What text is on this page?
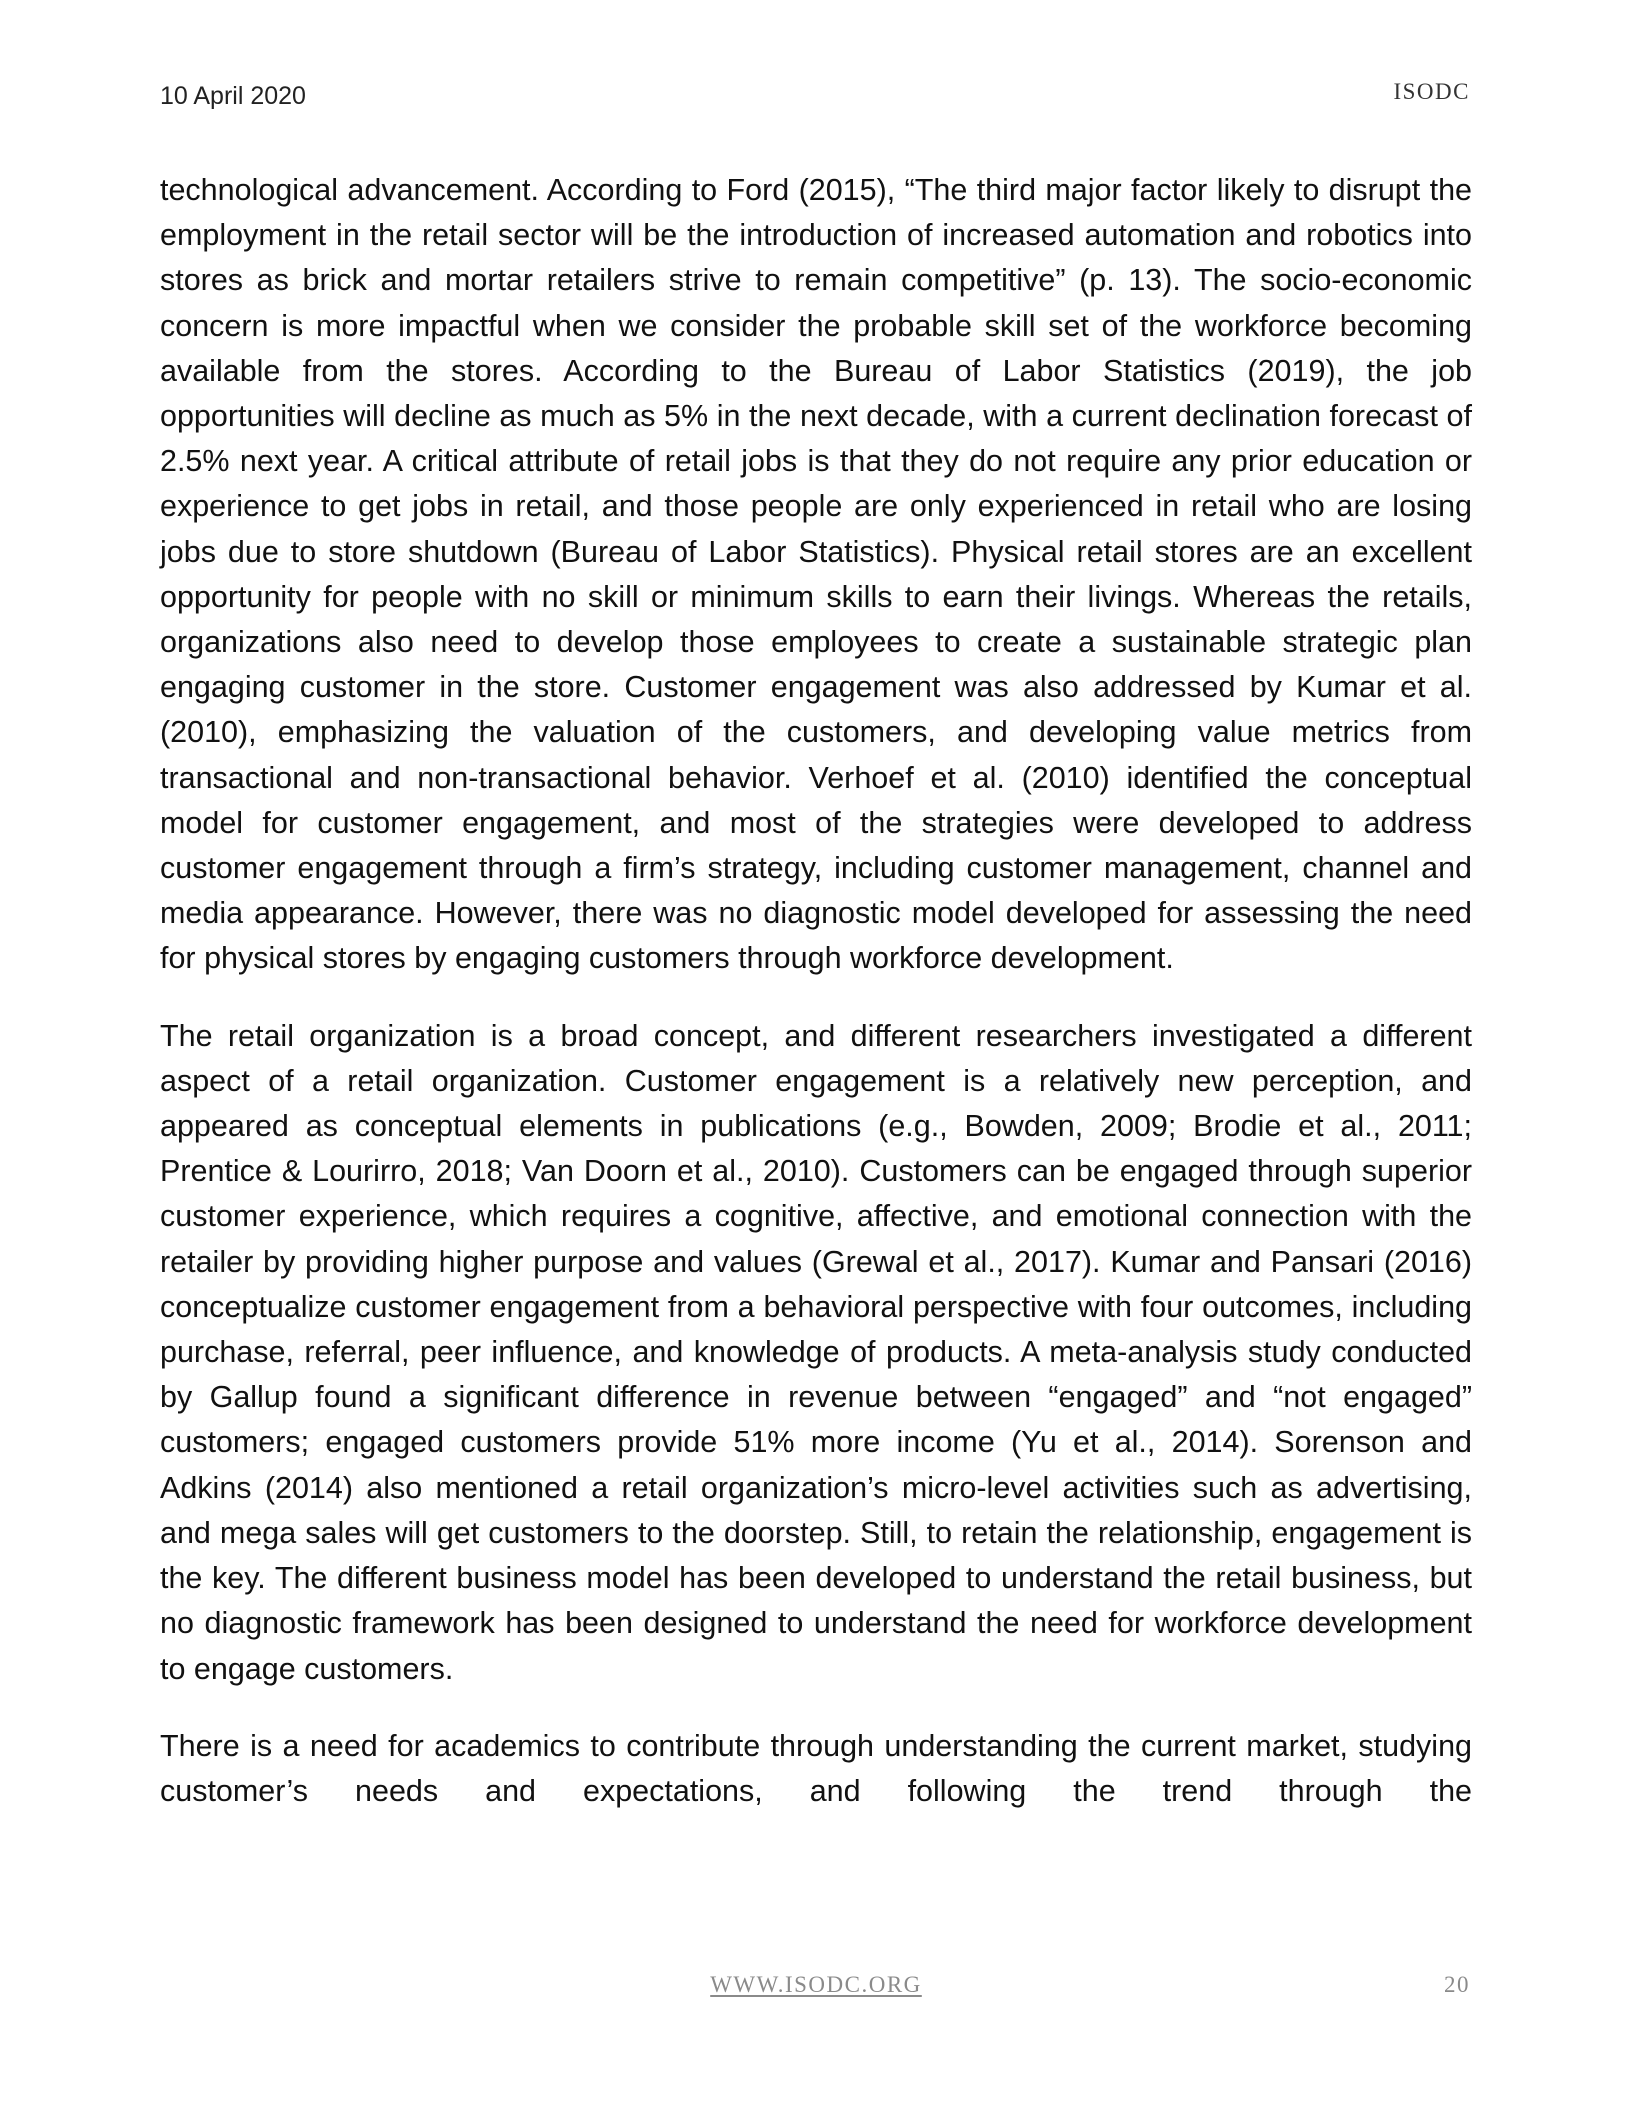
10 April 2020	ISODC

technological advancement. According to Ford (2015), “The third major factor likely to disrupt the employment in the retail sector will be the introduction of increased automation and robotics into stores as brick and mortar retailers strive to remain competitive” (p. 13). The socio-economic concern is more impactful when we consider the probable skill set of the workforce becoming available from the stores. According to the Bureau of Labor Statistics (2019), the job opportunities will decline as much as 5% in the next decade, with a current declination forecast of 2.5% next year. A critical attribute of retail jobs is that they do not require any prior education or experience to get jobs in retail, and those people are only experienced in retail who are losing jobs due to store shutdown (Bureau of Labor Statistics). Physical retail stores are an excellent opportunity for people with no skill or minimum skills to earn their livings. Whereas the retails, organizations also need to develop those employees to create a sustainable strategic plan engaging customer in the store. Customer engagement was also addressed by Kumar et al. (2010), emphasizing the valuation of the customers, and developing value metrics from transactional and non-transactional behavior. Verhoef et al. (2010) identified the conceptual model for customer engagement, and most of the strategies were developed to address customer engagement through a firm’s strategy, including customer management, channel and media appearance. However, there was no diagnostic model developed for assessing the need for physical stores by engaging customers through workforce development.

The retail organization is a broad concept, and different researchers investigated a different aspect of a retail organization. Customer engagement is a relatively new perception, and appeared as conceptual elements in publications (e.g., Bowden, 2009; Brodie et al., 2011; Prentice & Lourirro, 2018; Van Doorn et al., 2010). Customers can be engaged through superior customer experience, which requires a cognitive, affective, and emotional connection with the retailer by providing higher purpose and values (Grewal et al., 2017). Kumar and Pansari (2016) conceptualize customer engagement from a behavioral perspective with four outcomes, including purchase, referral, peer influence, and knowledge of products. A meta-analysis study conducted by Gallup found a significant difference in revenue between “engaged” and “not engaged” customers; engaged customers provide 51% more income (Yu et al., 2014). Sorenson and Adkins (2014) also mentioned a retail organization’s micro-level activities such as advertising, and mega sales will get customers to the doorstep. Still, to retain the relationship, engagement is the key. The different business model has been developed to understand the retail business, but no diagnostic framework has been designed to understand the need for workforce development to engage customers.

There is a need for academics to contribute through understanding the current market, studying customer’s needs and expectations, and following the trend through the

WWW.ISODC.ORG	20
